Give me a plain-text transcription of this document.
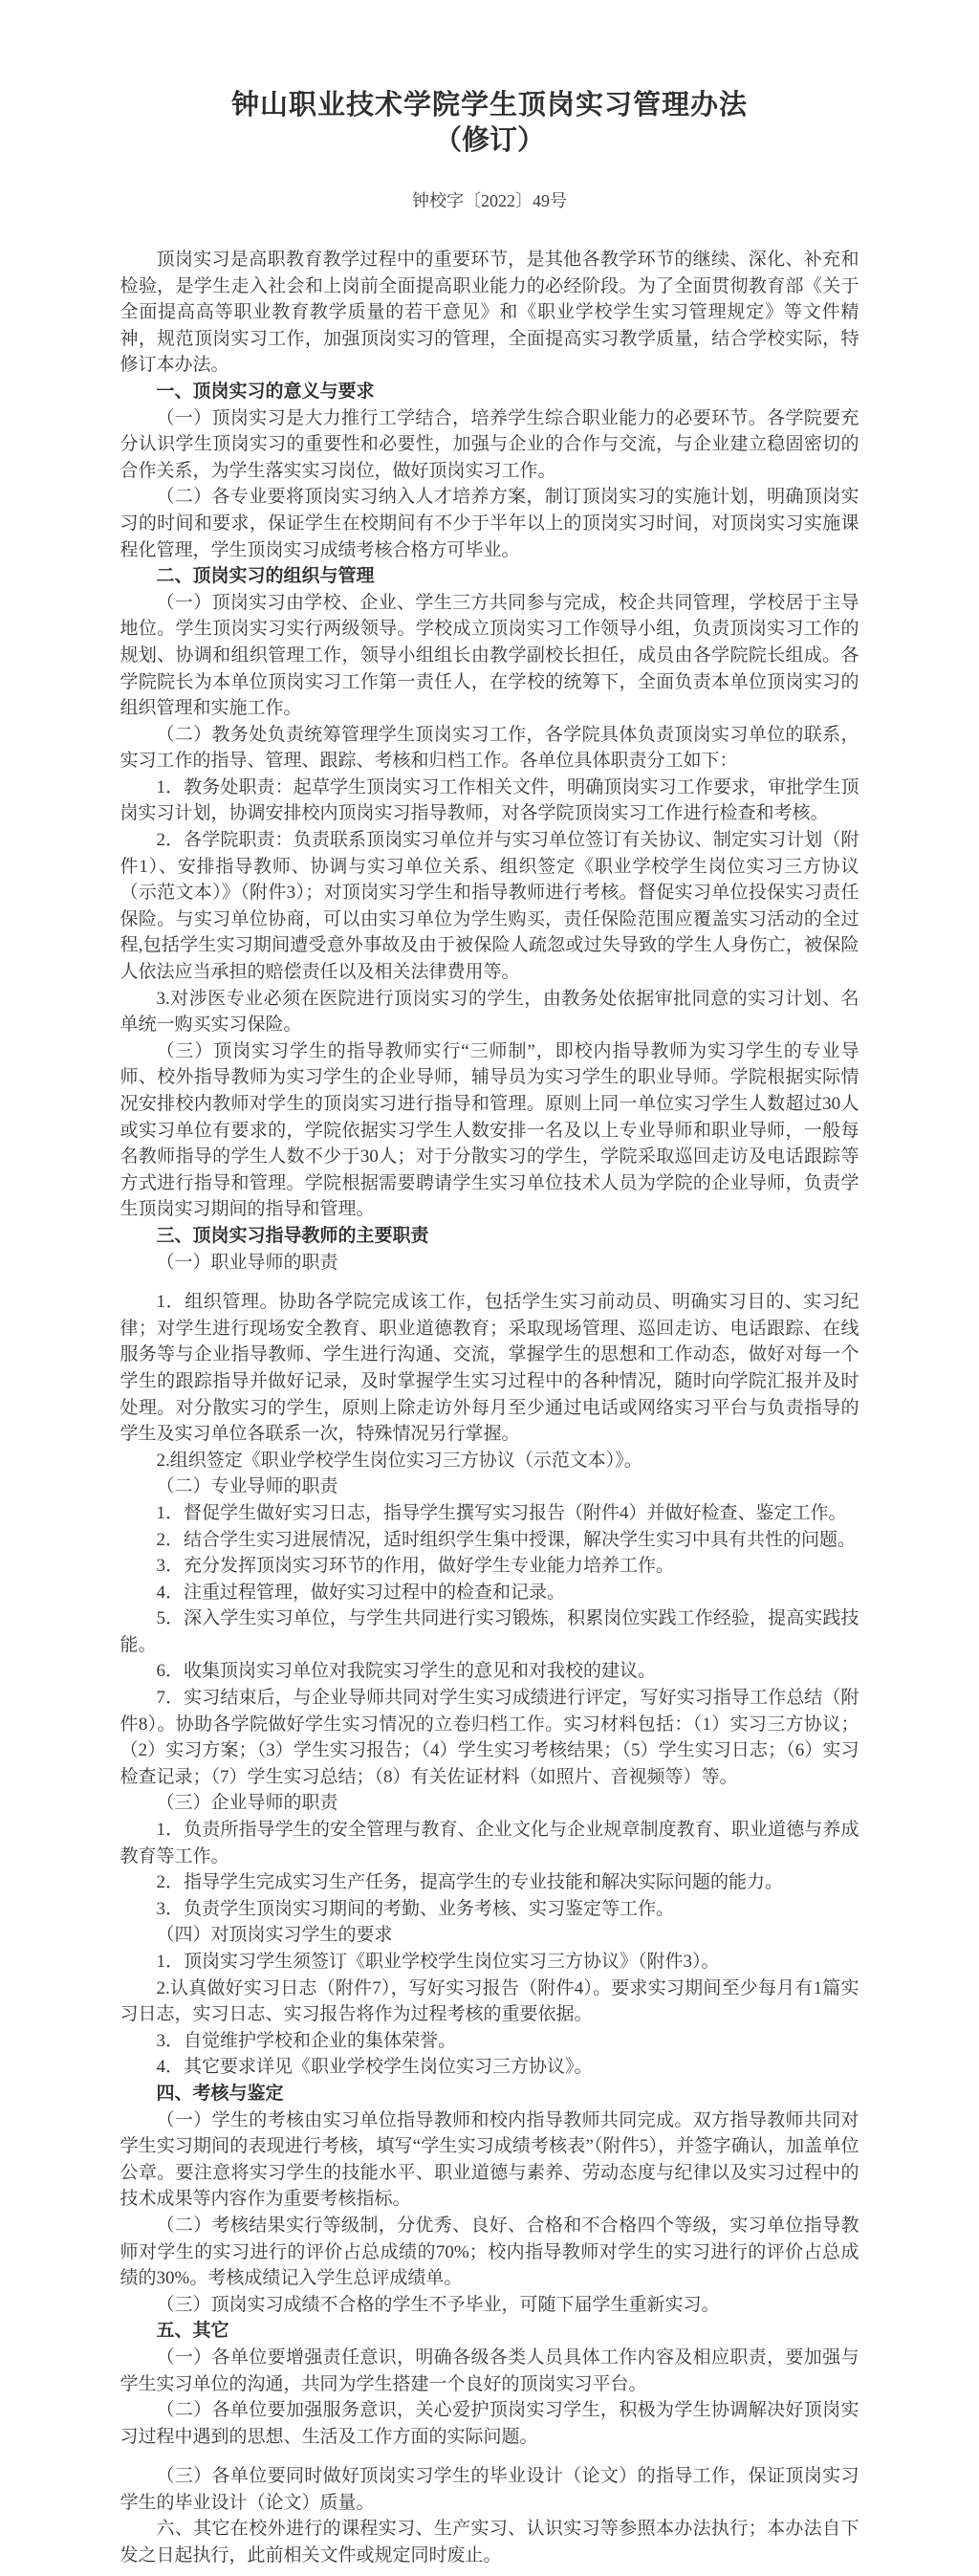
钟山职业技术学院学生顶岗实习管理办法
（修订）
钟校字〔2022〕49号

顶岗实习是高职教育教学过程中的重要环节，是其他各教学环节的继续、深化、补充和检验，是学生走入社会和上岗前全面提高职业能力的必经阶段。为了全面贯彻教育部《关于全面提高高等职业教育教学质量的若干意见》和《职业学校学生实习管理规定》等文件精神，规范顶岗实习工作，加强顶岗实习的管理，全面提高实习教学质量，结合学校实际，特修订本办法。

一、顶岗实习的意义与要求

（一）顶岗实习是大力推行工学结合，培养学生综合职业能力的必要环节。各学院要充分认识学生顶岗实习的重要性和必要性，加强与企业的合作与交流，与企业建立稳固密切的合作关系，为学生落实实习岗位，做好顶岗实习工作。

（二）各专业要将顶岗实习纳入人才培养方案，制订顶岗实习的实施计划，明确顶岗实习的时间和要求，保证学生在校期间有不少于半年以上的顶岗实习时间，对顶岗实习实施课程化管理，学生顶岗实习成绩考核合格方可毕业。

二、顶岗实习的组织与管理

（一）顶岗实习由学校、企业、学生三方共同参与完成，校企共同管理，学校居于主导地位。学生顶岗实习实行两级领导。学校成立顶岗实习工作领导小组，负责顶岗实习工作的规划、协调和组织管理工作，领导小组组长由教学副校长担任，成员由各学院院长组成。各学院院长为本单位顶岗实习工作第一责任人，在学校的统筹下，全面负责本单位顶岗实习的组织管理和实施工作。

（二）教务处负责统筹管理学生顶岗实习工作，各学院具体负责顶岗实习单位的联系，实习工作的指导、管理、跟踪、考核和归档工作。各单位具体职责分工如下：

1．教务处职责：起草学生顶岗实习工作相关文件，明确顶岗实习工作要求，审批学生顶岗实习计划，协调安排校内顶岗实习指导教师，对各学院顶岗实习工作进行检查和考核。

2．各学院职责：负责联系顶岗实习单位并与实习单位签订有关协议、制定实习计划（附件1）、安排指导教师、协调与实习单位关系、组织签定《职业学校学生岗位实习三方协议（示范文本）》（附件3）；对顶岗实习学生和指导教师进行考核。督促实习单位投保实习责任保险。与实习单位协商，可以由实习单位为学生购买，责任保险范围应覆盖实习活动的全过程,包括学生实习期间遭受意外事故及由于被保险人疏忽或过失导致的学生人身伤亡，被保险人依法应当承担的赔偿责任以及相关法律费用等。

3.对涉医专业必须在医院进行顶岗实习的学生，由教务处依据审批同意的实习计划、名单统一购买实习保险。

（三）顶岗实习学生的指导教师实行“三师制”，即校内指导教师为实习学生的专业导师、校外指导教师为实习学生的企业导师，辅导员为实习学生的职业导师。学院根据实际情况安排校内教师对学生的顶岗实习进行指导和管理。原则上同一单位实习学生人数超过30人或实习单位有要求的，学院依据实习学生人数安排一名及以上专业导师和职业导师，一般每名教师指导的学生人数不少于30人；对于分散实习的学生，学院采取巡回走访及电话跟踪等方式进行指导和管理。学院根据需要聘请学生实习单位技术人员为学院的企业导师，负责学生顶岗实习期间的指导和管理。

三、顶岗实习指导教师的主要职责

（一）职业导师的职责

1．组织管理。协助各学院完成该工作，包括学生实习前动员、明确实习目的、实习纪律；对学生进行现场安全教育、职业道德教育；采取现场管理、巡回走访、电话跟踪、在线服务等与企业指导教师、学生进行沟通、交流，掌握学生的思想和工作动态，做好对每一个学生的跟踪指导并做好记录，及时掌握学生实习过程中的各种情况，随时向学院汇报并及时处理。对分散实习的学生，原则上除走访外每月至少通过电话或网络实习平台与负责指导的学生及实习单位各联系一次，特殊情况另行掌握。

2.组织签定《职业学校学生岗位实习三方协议（示范文本）》。

（二）专业导师的职责

1．督促学生做好实习日志，指导学生撰写实习报告（附件4）并做好检查、鉴定工作。

2．结合学生实习进展情况，适时组织学生集中授课，解决学生实习中具有共性的问题。

3．充分发挥顶岗实习环节的作用，做好学生专业能力培养工作。

4．注重过程管理，做好实习过程中的检查和记录。

5．深入学生实习单位，与学生共同进行实习锻炼，积累岗位实践工作经验，提高实践技能。

6．收集顶岗实习单位对我院实习学生的意见和对我校的建议。

7．实习结束后，与企业导师共同对学生实习成绩进行评定，写好实习指导工作总结（附件8）。协助各学院做好学生实习情况的立卷归档工作。实习材料包括：（1）实习三方协议；（2）实习方案；（3）学生实习报告；（4）学生实习考核结果；（5）学生实习日志；（6）实习检查记录；（7）学生实习总结；（8）有关佐证材料（如照片、音视频等）等。

（三）企业导师的职责

1．负责所指导学生的安全管理与教育、企业文化与企业规章制度教育、职业道德与养成教育等工作。

2．指导学生完成实习生产任务，提高学生的专业技能和解决实际问题的能力。

3．负责学生顶岗实习期间的考勤、业务考核、实习鉴定等工作。

（四）对顶岗实习学生的要求

1．顶岗实习学生须签订《职业学校学生岗位实习三方协议》（附件3）。

2.认真做好实习日志（附件7），写好实习报告（附件4）。要求实习期间至少每月有1篇实习日志，实习日志、实习报告将作为过程考核的重要依据。

3．自觉维护学校和企业的集体荣誉。

4．其它要求详见《职业学校学生岗位实习三方协议》。

四、考核与鉴定

（一）学生的考核由实习单位指导教师和校内指导教师共同完成。双方指导教师共同对学生实习期间的表现进行考核，填写“学生实习成绩考核表”（附件5），并签字确认，加盖单位公章。要注意将实习学生的技能水平、职业道德与素养、劳动态度与纪律以及实习过程中的技术成果等内容作为重要考核指标。

（二）考核结果实行等级制，分优秀、良好、合格和不合格四个等级，实习单位指导教师对学生的实习进行的评价占总成绩的70%；校内指导教师对学生的实习进行的评价占总成绩的30%。考核成绩记入学生总评成绩单。

（三）顶岗实习成绩不合格的学生不予毕业，可随下届学生重新实习。

五、其它

（一）各单位要增强责任意识，明确各级各类人员具体工作内容及相应职责，要加强与学生实习单位的沟通，共同为学生搭建一个良好的顶岗实习平台。

（二）各单位要加强服务意识，关心爱护顶岗实习学生，积极为学生协调解决好顶岗实习过程中遇到的思想、生活及工作方面的实际问题。

（三）各单位要同时做好顶岗实习学生的毕业设计（论文）的指导工作，保证顶岗实习学生的毕业设计（论文）质量。

六、其它在校外进行的课程实习、生产实习、认识实习等参照本办法执行；本办法自下发之日起执行，此前相关文件或规定同时废止。
